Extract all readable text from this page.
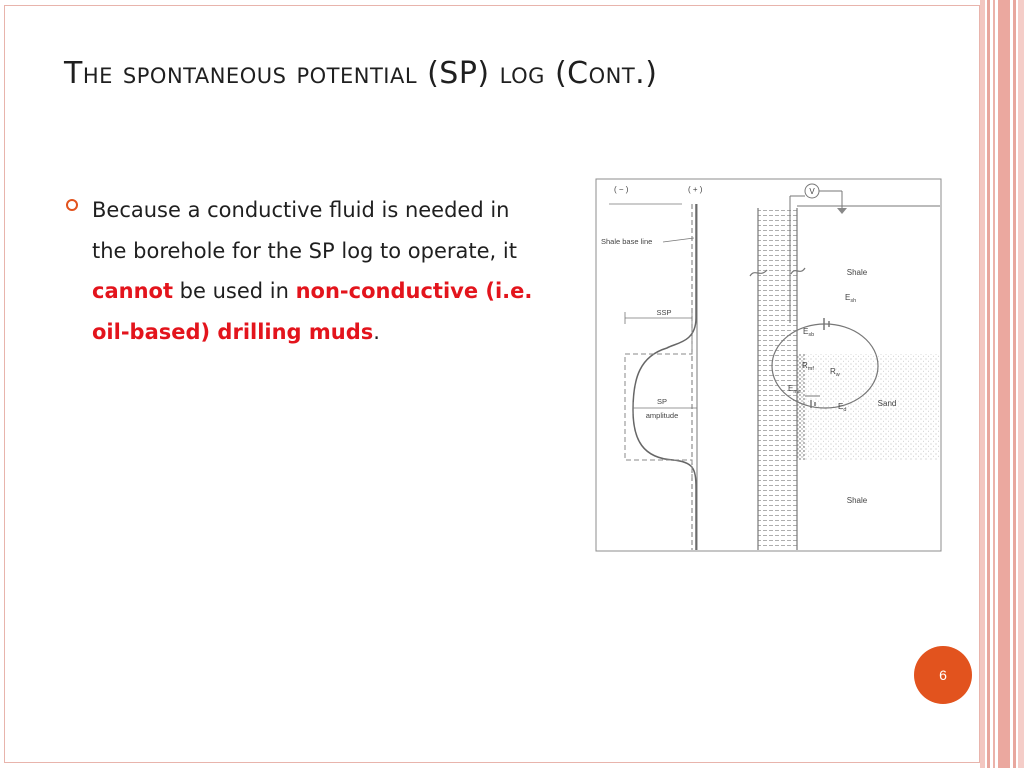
The spontaneous potential (SP) log (Cont.)
Because a conductive fluid is needed in the borehole for the SP log to operate, it cannot be used in non-conductive (i.e. oil-based) drilling muds.
V
SSP
SP
amplitude
( − )	( + )
Shale base line
Shale
Sand
Shale
$E_{sh}$
$E_{sb}$
$R_{mf}$ $R_w$
$E_{mc}$
$E_d$
6
